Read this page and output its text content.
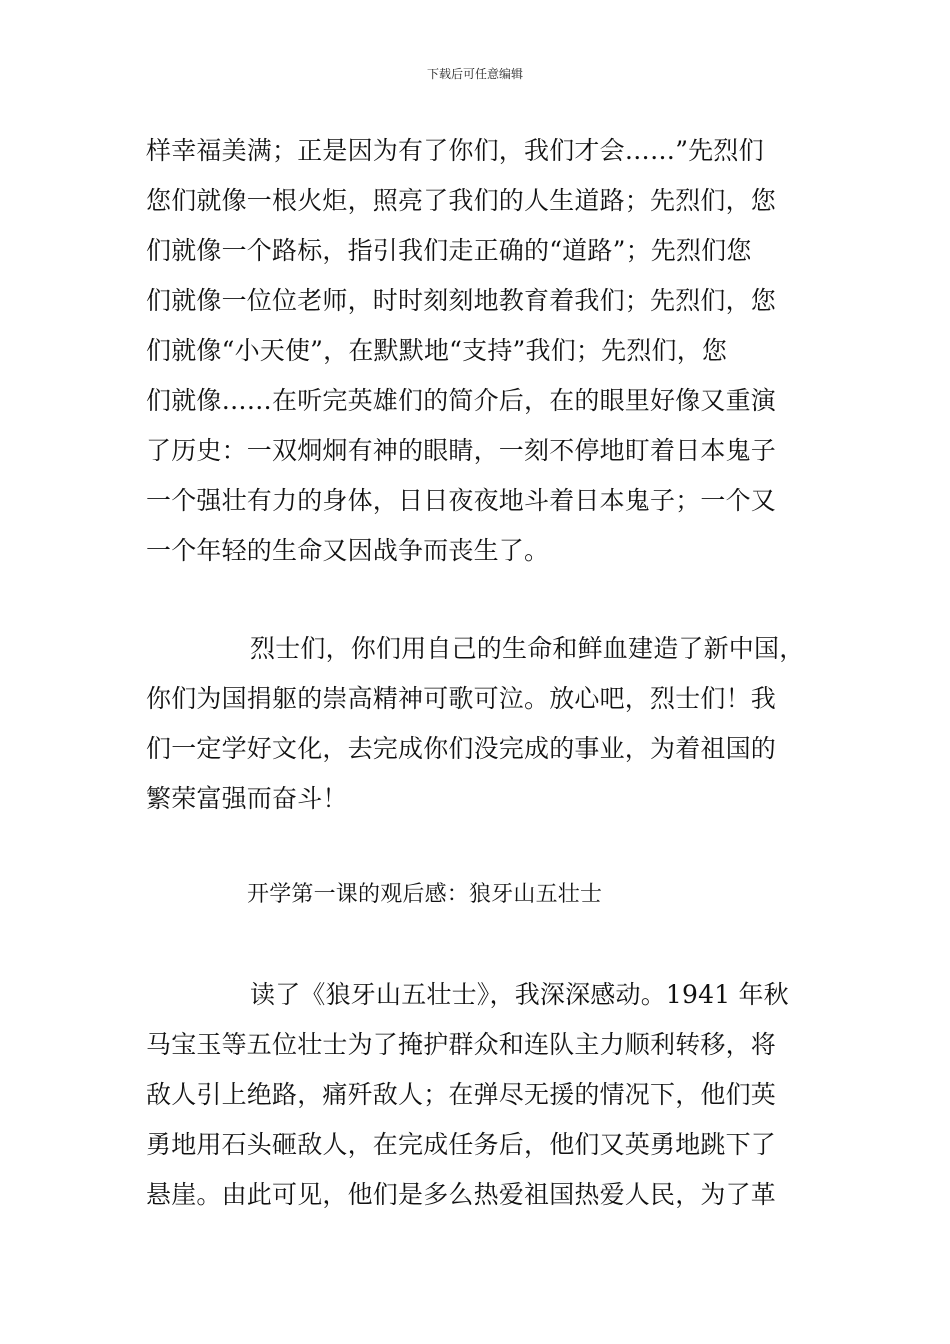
下载后可任意编辑
样幸福美满；正是因为有了你们，我们才会……”先烈们
您们就像一根火炬，照亮了我们的人生道路；先烈们，您
们就像一个路标，指引我们走正确的“道路”；先烈们您
们就像一位位老师，时时刻刻地教育着我们；先烈们，您
们就像“小天使”，在默默地“支持”我们；先烈们，您
们就像……在听完英雄们的简介后，在的眼里好像又重演
了历史：一双炯炯有神的眼睛，一刻不停地盯着日本鬼子
一个强壮有力的身体，日日夜夜地斗着日本鬼子；一个又
一个年轻的生命又因战争而丧生了。
烈士们，你们用自己的生命和鲜血建造了新中国，
你们为国捐躯的崇高精神可歌可泣。放心吧，烈士们！我
们一定学好文化，去完成你们没完成的事业，为着祖国的
繁荣富强而奋斗！
开学第一课的观后感：狼牙山五壮士
读了《狼牙山五壮士》，我深深感动。1941 年秋
马宝玉等五位壮士为了掩护群众和连队主力顺利转移，将
敌人引上绝路，痛歼敌人；在弹尽无援的情况下，他们英
勇地用石头砸敌人，在完成任务后，他们又英勇地跳下了
悬崖。由此可见，他们是多么热爱祖国热爱人民，为了革
